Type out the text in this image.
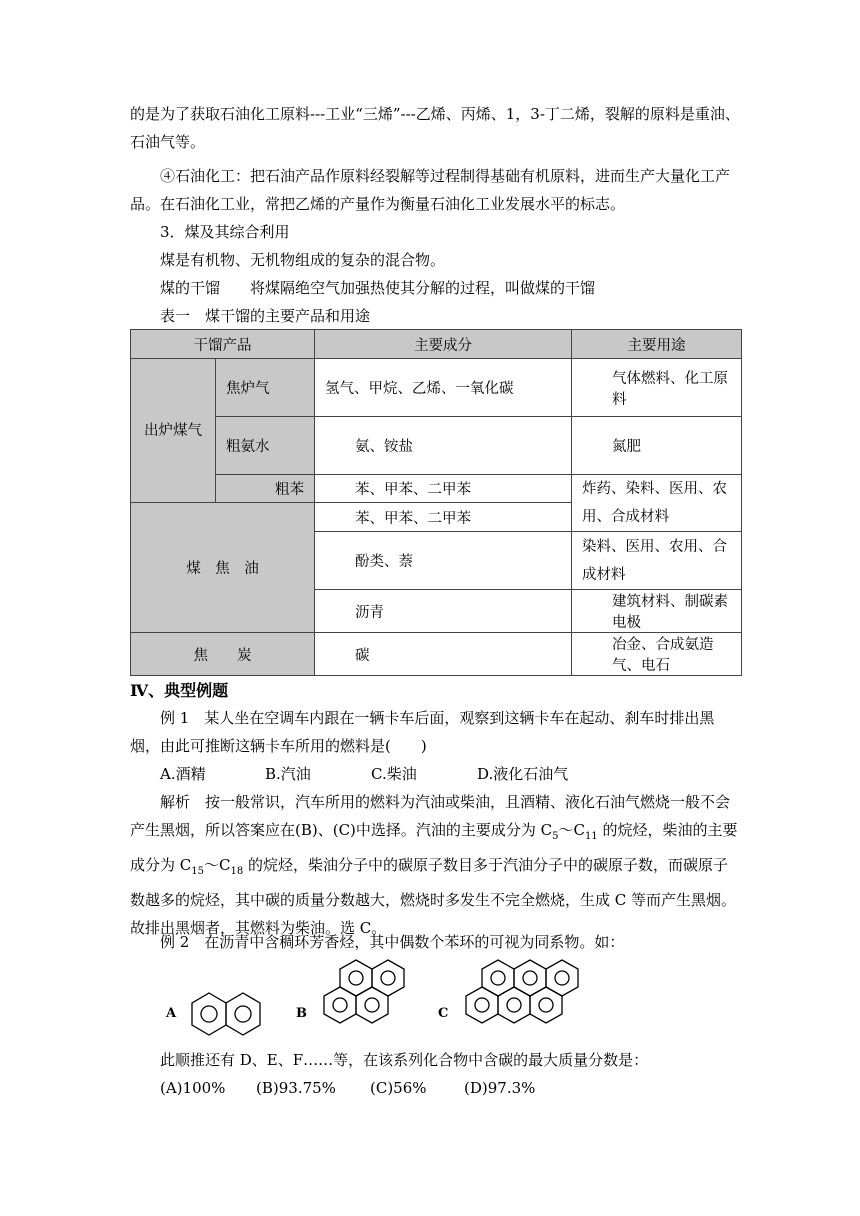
的是为了获取石油化工原料---工业“三烯”---乙烯、丙烯、1，3-丁二烯，裂解的原料是重油、石油气等。

④石油化工：把石油产品作原料经裂解等过程制得基础有机原料，进而生产大量化工产品。在石油化工业，常把乙烯的产量作为衡量石油化工业发展水平的标志。

3．煤及其综合利用

煤是有机物、无机物组成的复杂的混合物。

煤的干馏　　将煤隔绝空气加强热使其分解的过程，叫做煤的干馏

表一　煤干馏的主要产品和用途

干馏产品		主要成分	主要用途
出炉煤气	焦炉气	氢气、甲烷、乙烯、一氧化碳	气体燃料、化工原料
	粗氨水	氨、铵盐	氮肥
	粗苯	苯、甲苯、二甲苯	炸药、染料、医用、农用、合成材料
煤　焦　油		苯、甲苯、二甲苯	
		酚类、萘	染料、医用、农用、合成材料
		沥青	建筑材料、制碳素电极
焦　　炭		碳	冶金、合成氨造气、电石
Ⅳ、典型例题

例 1　某人坐在空调车内跟在一辆卡车后面，观察到这辆卡车在起动、刹车时排出黑烟，由此可推断这辆卡车所用的燃料是(　　)

A.酒精	B.汽油	C.柴油	D.液化石油气

解析　按一般常识，汽车所用的燃料为汽油或柴油，且酒精、液化石油气燃烧一般不会产生黑烟，所以答案应在(B)、(C)中选择。汽油的主要成分为 $C_5\sim C_{11}$ 的烷烃，柴油的主要成分为 $C_{15}\sim C_{18}$ 的烷烃，柴油分子中的碳原子数目多于汽油分子中的碳原子数，而碳原子数越多的烷烃，其中碳的质量分数越大，燃烧时多发生不完全燃烧，生成 C 等而产生黑烟。故排出黑烟者，其燃料为柴油。选 C。

例 2　在沥青中含稠环芳香烃，其中偶数个苯环的可视为同系物。如：

A	B	C

此顺推还有 D、E、F……等，在该系列化合物中含碳的最大质量分数是：

(A)100% (B)93.75% (C)56% (D)97.3%
